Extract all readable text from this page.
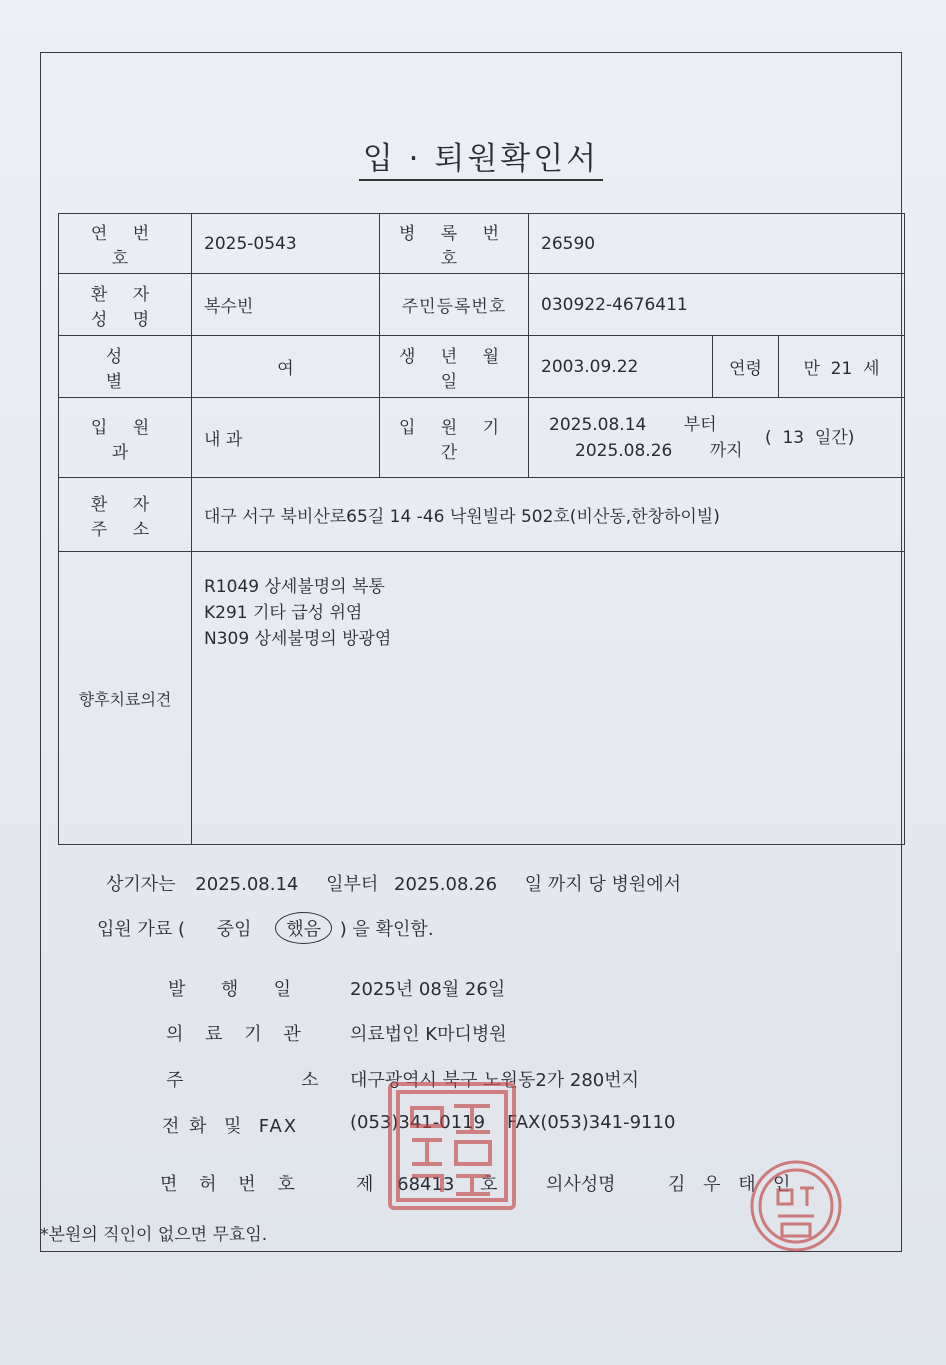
입 · 퇴원확인서
연 번 호	2025-0543	병 록 번 호	26590		
환 자 성 명	복수빈	주민등록번호	030922-4676411		
성 별	여	생 년 월 일	2003.09.22	연령	만  21  세
입 원 과	내 과	입 원 기 간	2025.08.14 부터
2025.08.26 까지
(  13  일간)		

환 자 주 소	대구 서구 북비산로65길 14 -46 낙원빌라 502호(비산동,한창하이빌)				
향후치료의견	R1049 상세불명의 복통
K291 기타 급성 위염
N309 상세불명의 방광염				
상기자는 2025.08.14 일부터 2025.08.26 일 까지 당 병원에서
입원 가료 ( 중임 했음 ) 을 확인함.
발  행  일	2025년 08월 26일
의 료 기 관 의료법인 K마디병원
주        소 대구광역시 북구 노원동2가 280번지
전 화  및  FAX	(053)341-0119 FAX(053)341-9110
면 허 번 호	제 68413 호	의사성명	김 우 태 인
*본원의 직인이 없으면 무효임.
